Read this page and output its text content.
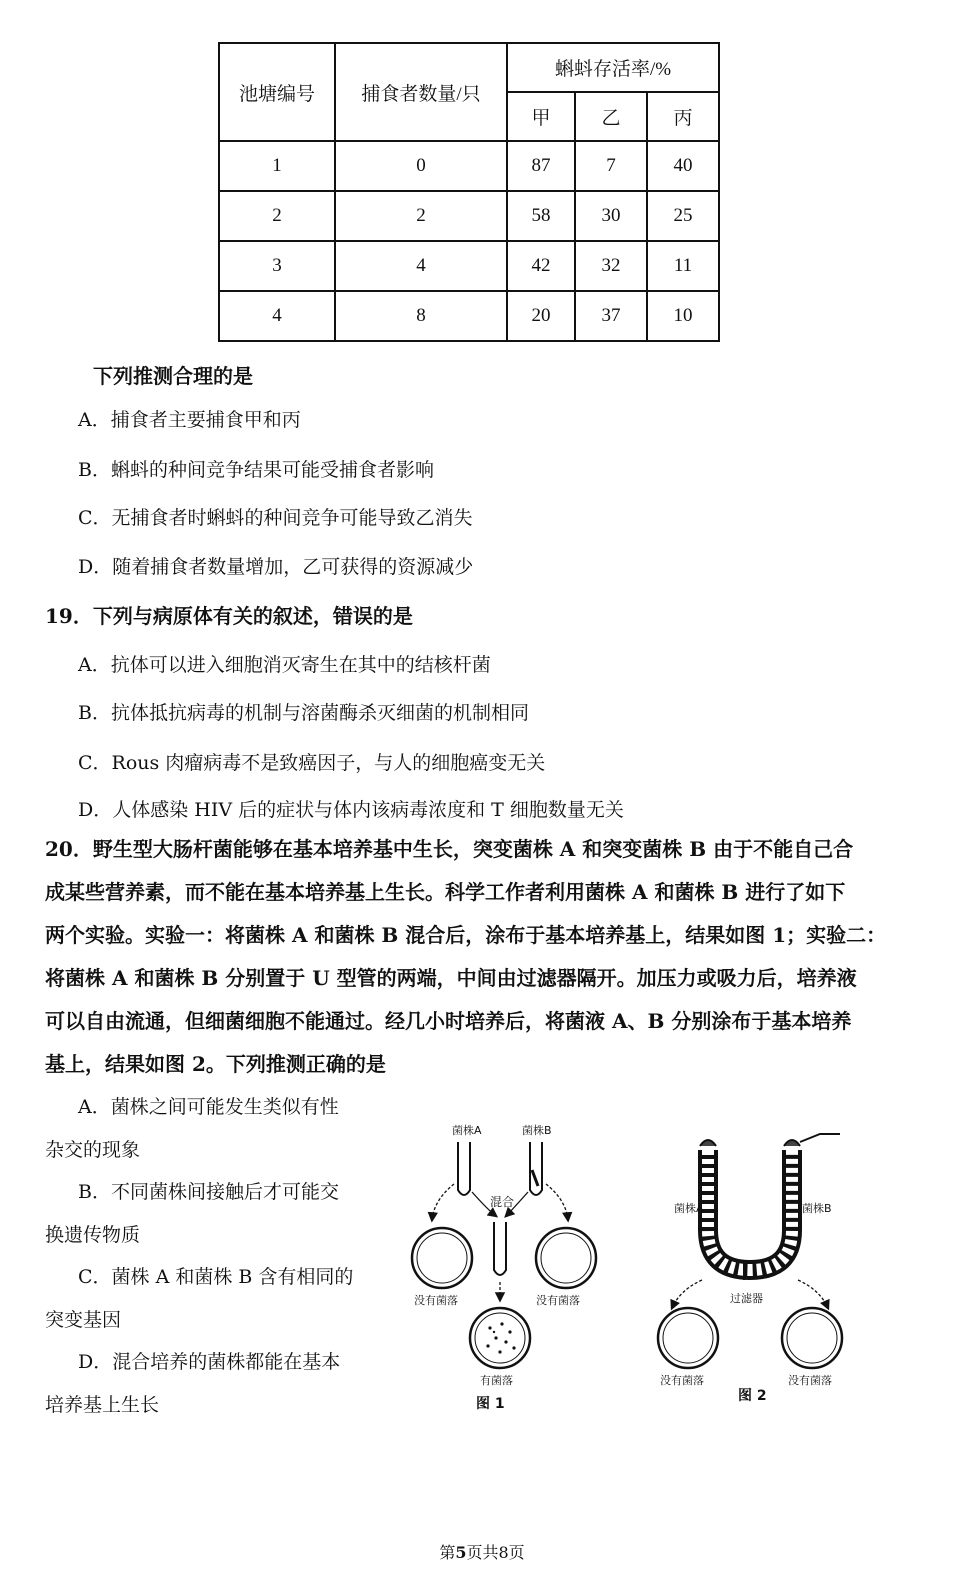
池塘编号	捕食者数量/只	蝌蚪存活率/%		
		甲	乙	丙
1	0	87	7	40
2	2	58	30	25
3	4	42	32	11
4	8	20	37	10
下列推测合理的是
A．捕食者主要捕食甲和丙
B．蝌蚪的种间竞争结果可能受捕食者影响
C．无捕食者时蝌蚪的种间竞争可能导致乙消失
D．随着捕食者数量增加，乙可获得的资源减少
19．下列与病原体有关的叙述，错误的是
A．抗体可以进入细胞消灭寄生在其中的结核杆菌
B．抗体抵抗病毒的机制与溶菌酶杀灭细菌的机制相同
C．Rous 肉瘤病毒不是致癌因子，与人的细胞癌变无关
D．人体感染 HIV 后的症状与体内该病毒浓度和 T 细胞数量无关
20．野生型大肠杆菌能够在基本培养基中生长，突变菌株 A 和突变菌株 B 由于不能自己合
成某些营养素，而不能在基本培养基上生长。科学工作者利用菌株 A 和菌株 B 进行了如下
两个实验。实验一：将菌株 A 和菌株 B 混合后，涂布于基本培养基上，结果如图 1；实验二：
将菌株 A 和菌株 B 分别置于 U 型管的两端，中间由过滤器隔开。加压力或吸力后，培养液
可以自由流通，但细菌细胞不能通过。经几小时培养后，将菌液 A、B 分别涂布于基本培养
基上，结果如图 2。下列推测正确的是
A．菌株之间可能发生类似有性
杂交的现象
B．不同菌株间接触后才可能交
换遗传物质
C．菌株 A 和菌株 B 含有相同的
突变基因
D．混合培养的菌株都能在基本
培养基上生长
菌株A	菌株B
混合
没有菌落	没有菌落
有菌落
图 1
菌株A	菌株B
过滤器
没有菌落	没有菌落
图 2
第5页共8页
